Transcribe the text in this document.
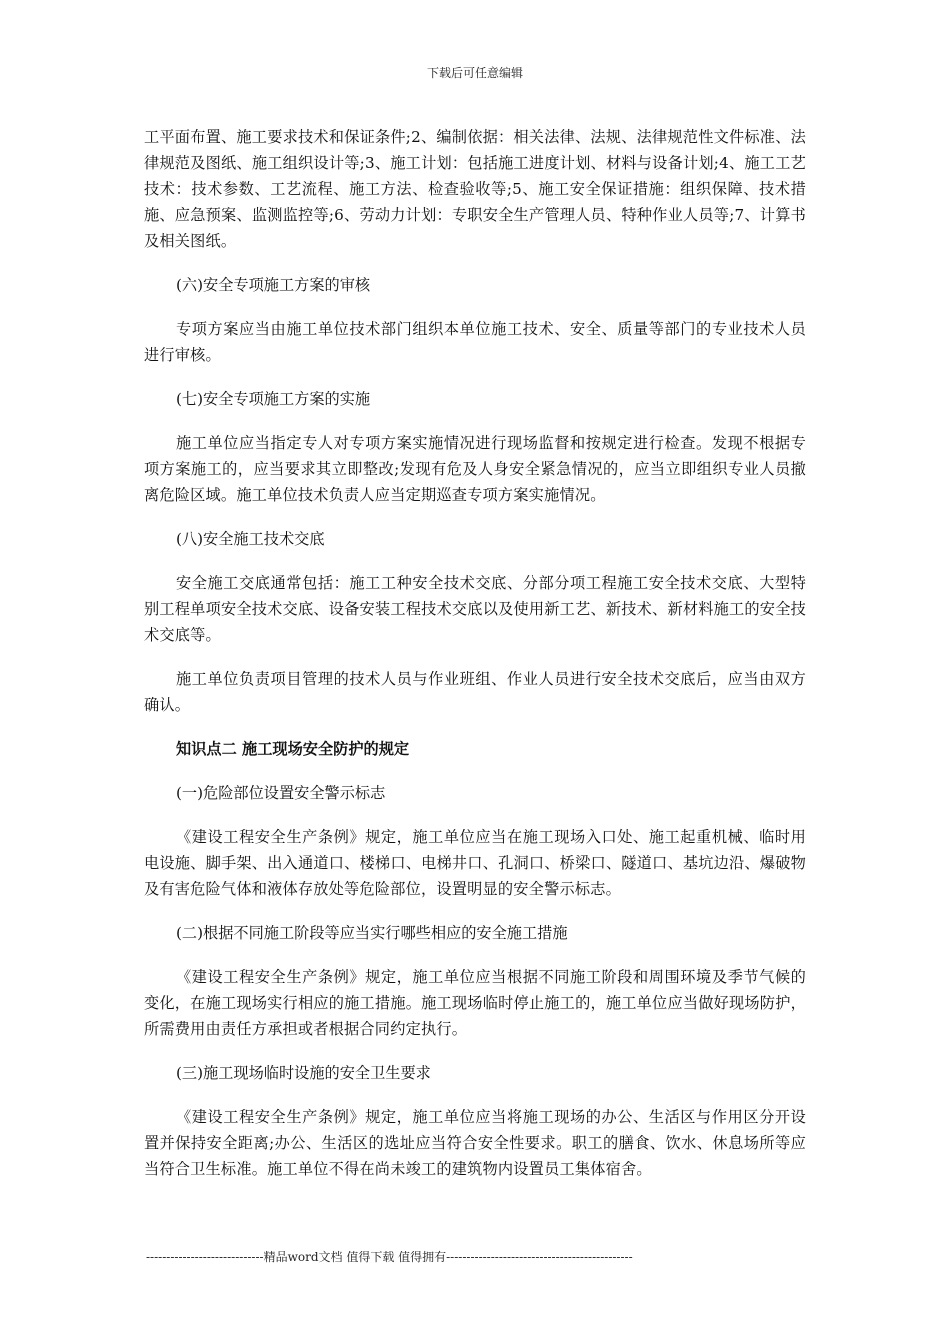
下载后可任意编辑

工平面布置、施工要求技术和保证条件;2、编制依据：相关法律、法规、法律规范性文件标准、法律规范及图纸、施工组织设计等;3、施工计划：包括施工进度计划、材料与设备计划;4、施工工艺技术：技术参数、工艺流程、施工方法、检查验收等;5、施工安全保证措施：组织保障、技术措施、应急预案、监测监控等;6、劳动力计划：专职安全生产管理人员、特种作业人员等;7、计算书及相关图纸。

(六)安全专项施工方案的审核

专项方案应当由施工单位技术部门组织本单位施工技术、安全、质量等部门的专业技术人员进行审核。

(七)安全专项施工方案的实施

施工单位应当指定专人对专项方案实施情况进行现场监督和按规定进行检查。发现不根据专项方案施工的，应当要求其立即整改;发现有危及人身安全紧急情况的，应当立即组织专业人员撤离危险区域。施工单位技术负责人应当定期巡查专项方案实施情况。

(八)安全施工技术交底

安全施工交底通常包括：施工工种安全技术交底、分部分项工程施工安全技术交底、大型特别工程单项安全技术交底、设备安装工程技术交底以及使用新工艺、新技术、新材料施工的安全技术交底等。

施工单位负责项目管理的技术人员与作业班组、作业人员进行安全技术交底后，应当由双方确认。

知识点二 施工现场安全防护的规定
(一)危险部位设置安全警示标志

《建设工程安全生产条例》规定，施工单位应当在施工现场入口处、施工起重机械、临时用电设施、脚手架、出入通道口、楼梯口、电梯井口、孔洞口、桥梁口、隧道口、基坑边沿、爆破物及有害危险气体和液体存放处等危险部位，设置明显的安全警示标志。

(二)根据不同施工阶段等应当实行哪些相应的安全施工措施

《建设工程安全生产条例》规定，施工单位应当根据不同施工阶段和周围环境及季节气候的变化，在施工现场实行相应的施工措施。施工现场临时停止施工的，施工单位应当做好现场防护，所需费用由责任方承担或者根据合同约定执行。

(三)施工现场临时设施的安全卫生要求

《建设工程安全生产条例》规定，施工单位应当将施工现场的办公、生活区与作用区分开设置并保持安全距离;办公、生活区的选址应当符合安全性要求。职工的膳食、饮水、休息场所等应当符合卫生标准。施工单位不得在尚未竣工的建筑物内设置员工集体宿舍。

-----------------------------精品word文档 值得下载 值得拥有----------------------------------------------
